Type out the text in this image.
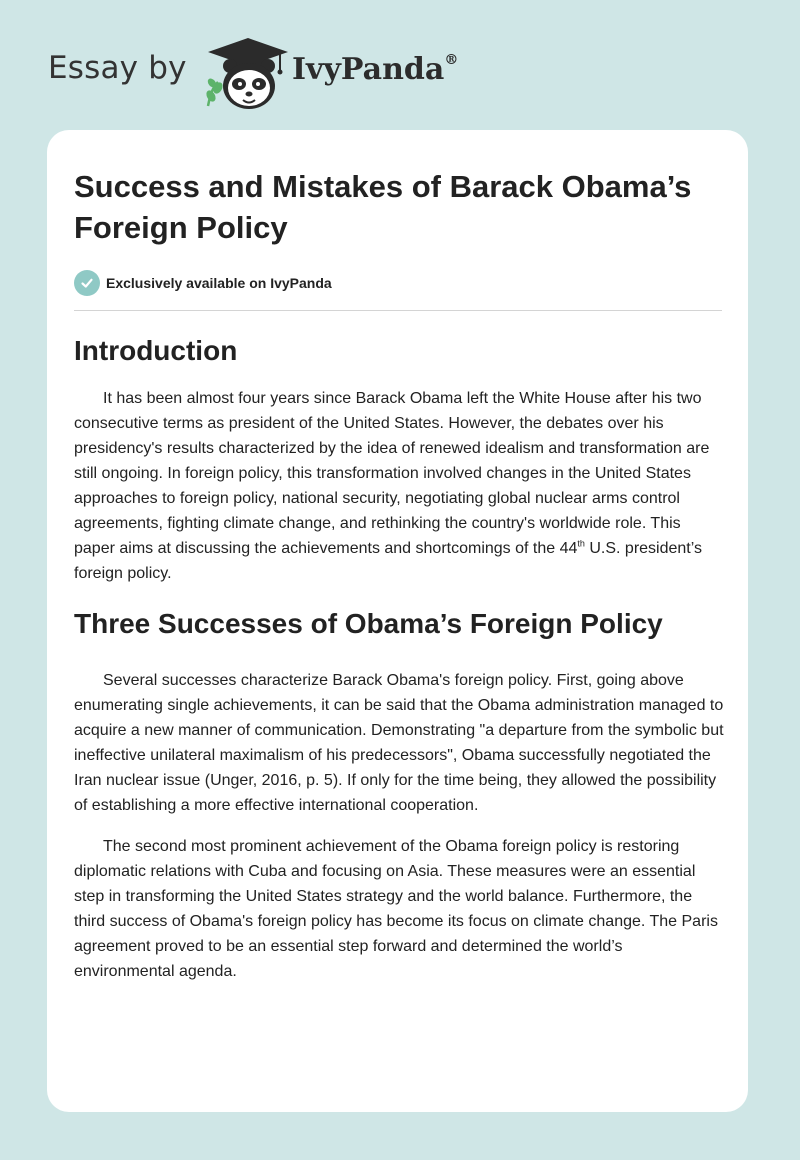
Essay by	IvyPanda®
Success and Mistakes of Barack Obama’s Foreign Policy
Exclusively available on IvyPanda
Introduction

It has been almost four years since Barack Obama left the White House after his two consecutive terms as president of the United States. However, the debates over his presidency's results characterized by the idea of renewed idealism and transformation are still ongoing. In foreign policy, this transformation involved changes in the United States approaches to foreign policy, national security, negotiating global nuclear arms control agreements, fighting climate change, and rethinking the country's worldwide role. This paper aims at discussing the achievements and shortcomings of the 44th U.S. president’s foreign policy.

Three Successes of Obama’s Foreign Policy

Several successes characterize Barack Obama's foreign policy. First, going above enumerating single achievements, it can be said that the Obama administration managed to acquire a new manner of communication. Demonstrating "a departure from the symbolic but ineffective unilateral maximalism of his predecessors", Obama successfully negotiated the Iran nuclear issue (Unger, 2016, p. 5). If only for the time being, they allowed the possibility of establishing a more effective international cooperation.

The second most prominent achievement of the Obama foreign policy is restoring diplomatic relations with Cuba and focusing on Asia. These measures were an essential step in transforming the United States strategy and the world balance. Furthermore, the third success of Obama's foreign policy has become its focus on climate change. The Paris agreement proved to be an essential step forward and determined the world’s environmental agenda.
